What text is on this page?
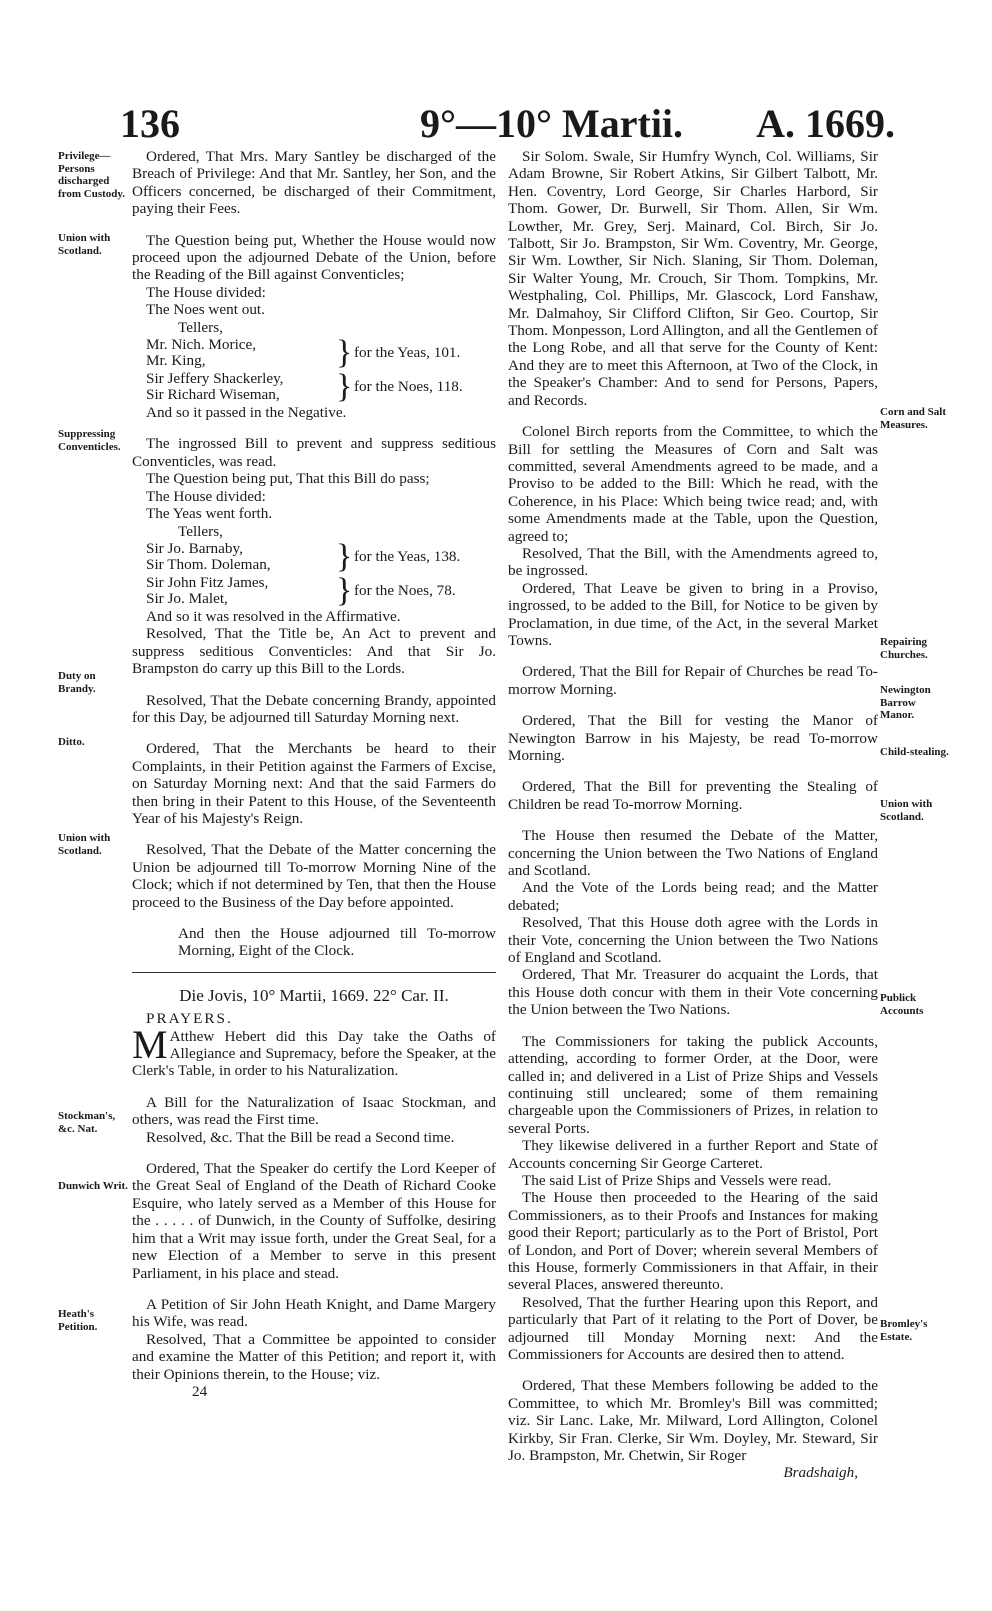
136	9°—10° Martii. A. 1669.
Privilege—Persons discharged from Custody.
Union with Scotland.
Suppressing Conventicles.
Duty on Brandy.
Ditto.
Union with Scotland.
Stockman's, &c. Nat.
Dunwich Writ.
Heath's Petition.
Corn and Salt Measures.
Repairing Churches.
Newington Barrow Manor.
Child-stealing.
Union with Scotland.
Publick Accounts
Bromley's Estate.

Ordered, That Mrs. Mary Santley be discharged of the Breach of Privilege: And that Mr. Santley, her Son, and the Officers concerned, be discharged of their Commitment, paying their Fees.

The Question being put, Whether the House would now proceed upon the adjourned Debate of the Union, before the Reading of the Bill against Conventicles;

The House divided:

The Noes went out.

Tellers,

Mr. Nich. Morice,
Mr. King,	} for the Yeas, 101.
Sir Jeffery Shackerley,
Sir Richard Wiseman,	} for the Noes, 118.

And so it passed in the Negative.

The ingrossed Bill to prevent and suppress seditious Conventicles, was read.

The Question being put, That this Bill do pass;

The House divided:

The Yeas went forth.

Tellers,

Sir Jo. Barnaby,
Sir Thom. Doleman,	} for the Yeas, 138.
Sir John Fitz James,
Sir Jo. Malet,	} for the Noes, 78.

And so it was resolved in the Affirmative.

Resolved, That the Title be, An Act to prevent and suppress seditious Conventicles: And that Sir Jo. Brampston do carry up this Bill to the Lords.

Resolved, That the Debate concerning Brandy, appointed for this Day, be adjourned till Saturday Morning next.

Ordered, That the Merchants be heard to their Complaints, in their Petition against the Farmers of Excise, on Saturday Morning next: And that the said Farmers do then bring in their Patent to this House, of the Seventeenth Year of his Majesty's Reign.

Resolved, That the Debate of the Matter concerning the Union be adjourned till To-morrow Morning Nine of the Clock; which if not determined by Ten, that then the House proceed to the Business of the Day before appointed.

And then the House adjourned till To-morrow Morning, Eight of the Clock.

Die Jovis, 10° Martii, 1669. 22° Car. II.

PRAYERS.

M Atthew Hebert did this Day take the Oaths of Allegiance and Supremacy, before the Speaker, at the Clerk's Table, in order to his Naturalization.

A Bill for the Naturalization of Isaac Stockman, and others, was read the First time.

Resolved, &c. That the Bill be read a Second time.

Ordered, That the Speaker do certify the Lord Keeper of the Great Seal of England of the Death of Richard Cooke Esquire, who lately served as a Member of this House for the . . . . . of Dunwich, in the County of Suffolke, desiring him that a Writ may issue forth, under the Great Seal, for a new Election of a Member to serve in this present Parliament, in his place and stead.

A Petition of Sir John Heath Knight, and Dame Margery his Wife, was read.

Resolved, That a Committee be appointed to consider and examine the Matter of this Petition; and report it, with their Opinions therein, to the House; viz.

24

Sir Solom. Swale, Sir Humfry Wynch, Col. Williams, Sir Adam Browne, Sir Robert Atkins, Sir Gilbert Talbott, Mr. Hen. Coventry, Lord George, Sir Charles Harbord, Sir Thom. Gower, Dr. Burwell, Sir Thom. Allen, Sir Wm. Lowther, Mr. Grey, Serj. Mainard, Col. Birch, Sir Jo. Talbott, Sir Jo. Brampston, Sir Wm. Coventry, Mr. George, Sir Wm. Lowther, Sir Nich. Slaning, Sir Thom. Doleman, Sir Walter Young, Mr. Crouch, Sir Thom. Tompkins, Mr. Westphaling, Col. Phillips, Mr. Glascock, Lord Fanshaw, Mr. Dalmahoy, Sir Clifford Clifton, Sir Geo. Courtop, Sir Thom. Monpesson, Lord Allington, and all the Gentlemen of the Long Robe, and all that serve for the County of Kent: And they are to meet this Afternoon, at Two of the Clock, in the Speaker's Chamber: And to send for Persons, Papers, and Records.

Colonel Birch reports from the Committee, to which the Bill for settling the Measures of Corn and Salt was committed, several Amendments agreed to be made, and a Proviso to be added to the Bill: Which he read, with the Coherence, in his Place: Which being twice read; and, with some Amendments made at the Table, upon the Question, agreed to;

Resolved, That the Bill, with the Amendments agreed to, be ingrossed.

Ordered, That Leave be given to bring in a Proviso, ingrossed, to be added to the Bill, for Notice to be given by Proclamation, in due time, of the Act, in the several Market Towns.

Ordered, That the Bill for Repair of Churches be read To-morrow Morning.

Ordered, That the Bill for vesting the Manor of Newington Barrow in his Majesty, be read To-morrow Morning.

Ordered, That the Bill for preventing the Stealing of Children be read To-morrow Morning.

The House then resumed the Debate of the Matter, concerning the Union between the Two Nations of England and Scotland.

And the Vote of the Lords being read; and the Matter debated;

Resolved, That this House doth agree with the Lords in their Vote, concerning the Union between the Two Nations of England and Scotland.

Ordered, That Mr. Treasurer do acquaint the Lords, that this House doth concur with them in their Vote concerning the Union between the Two Nations.

The Commissioners for taking the publick Accounts, attending, according to former Order, at the Door, were called in; and delivered in a List of Prize Ships and Vessels continuing still uncleared; some of them remaining chargeable upon the Commissioners of Prizes, in relation to several Ports.

They likewise delivered in a further Report and State of Accounts concerning Sir George Carteret.

The said List of Prize Ships and Vessels were read.

The House then proceeded to the Hearing of the said Commissioners, as to their Proofs and Instances for making good their Report; particularly as to the Port of Bristol, Port of London, and Port of Dover; wherein several Members of this House, formerly Commissioners in that Affair, in their several Places, answered thereunto.

Resolved, That the further Hearing upon this Report, and particularly that Part of it relating to the Port of Dover, be adjourned till Monday Morning next: And the Commissioners for Accounts are desired then to attend.

Ordered, That these Members following be added to the Committee, to which Mr. Bromley's Bill was committed; viz. Sir Lanc. Lake, Mr. Milward, Lord Allington, Colonel Kirkby, Sir Fran. Clerke, Sir Wm. Doyley, Mr. Steward, Sir Jo. Brampston, Mr. Chetwin, Sir Roger

Bradshaigh,
